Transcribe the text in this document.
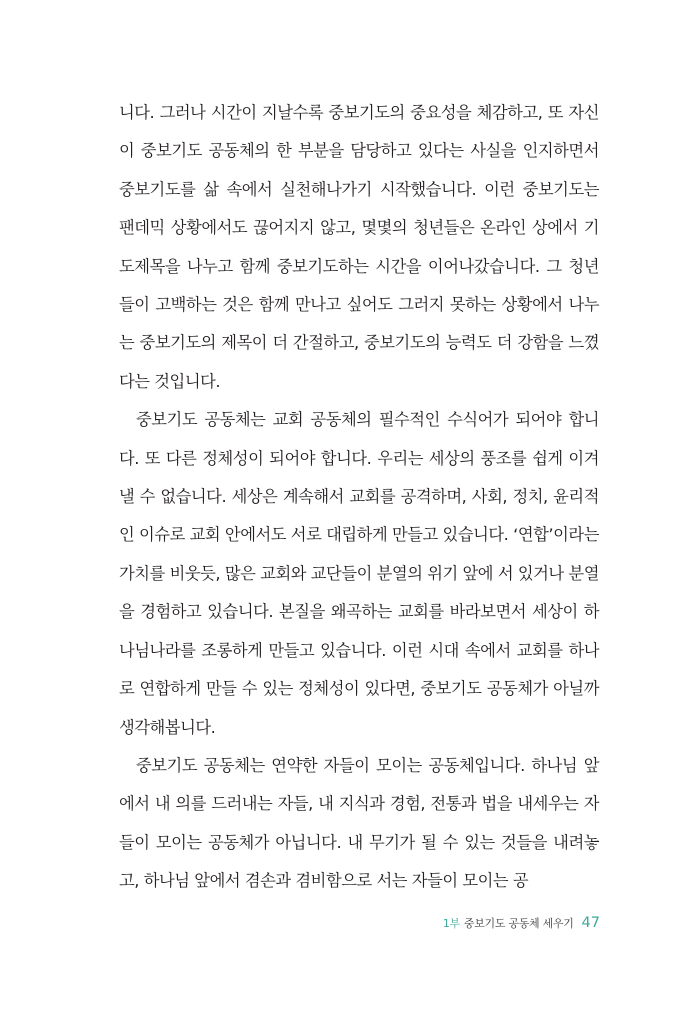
니다. 그러나 시간이 지날수록 중보기도의 중요성을 체감하고, 또 자신이 중보기도 공동체의 한 부분을 담당하고 있다는 사실을 인지하면서 중보기도를 삶 속에서 실천해나가기 시작했습니다. 이런 중보기도는 팬데믹 상황에서도 끊어지지 않고, 몇몇의 청년들은 온라인 상에서 기도제목을 나누고 함께 중보기도하는 시간을 이어나갔습니다. 그 청년들이 고백하는 것은 함께 만나고 싶어도 그러지 못하는 상황에서 나누는 중보기도의 제목이 더 간절하고, 중보기도의 능력도 더 강함을 느꼈다는 것입니다.

중보기도 공동체는 교회 공동체의 필수적인 수식어가 되어야 합니다. 또 다른 정체성이 되어야 합니다. 우리는 세상의 풍조를 쉽게 이겨낼 수 없습니다. 세상은 계속해서 교회를 공격하며, 사회, 정치, 윤리적인 이슈로 교회 안에서도 서로 대립하게 만들고 있습니다. ‘연합’이라는 가치를 비웃듯, 많은 교회와 교단들이 분열의 위기 앞에 서 있거나 분열을 경험하고 있습니다. 본질을 왜곡하는 교회를 바라보면서 세상이 하나님나라를 조롱하게 만들고 있습니다. 이런 시대 속에서 교회를 하나로 연합하게 만들 수 있는 정체성이 있다면, 중보기도 공동체가 아닐까 생각해봅니다.

중보기도 공동체는 연약한 자들이 모이는 공동체입니다. 하나님 앞에서 내 의를 드러내는 자들, 내 지식과 경험, 전통과 법을 내세우는 자들이 모이는 공동체가 아닙니다. 내 무기가 될 수 있는 것들을 내려놓고, 하나님 앞에서 겸손과 겸비함으로 서는 자들이 모이는 공

1부 중보기도 공동체 세우기 47
